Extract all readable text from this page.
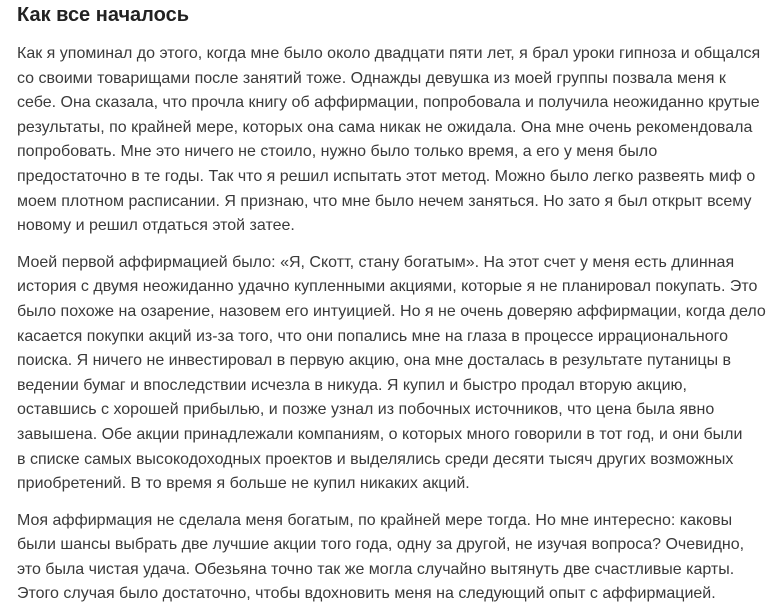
Как все началось

Как я упоминал до этого, когда мне было около двадцати пяти лет, я брал уроки гипноза и общался
со своими товарищами после занятий тоже. Однажды девушка из моей группы позвала меня к
себе. Она сказала, что прочла книгу об аффирмации, попробовала и получила неожиданно крутые
результаты, по крайней мере, которых она сама никак не ожидала. Она мне очень рекомендовала
попробовать. Мне это ничего не стоило, нужно было только время, а его у меня было
предостаточно в те годы. Так что я решил испытать этот метод. Можно было легко развеять миф о
моем плотном расписании. Я признаю, что мне было нечем заняться. Но зато я был открыт всему
новому и решил отдаться этой затее.

Моей первой аффирмацией было: «Я, Скотт, стану богатым». На этот счет у меня есть длинная
история с двумя неожиданно удачно купленными акциями, которые я не планировал покупать. Это
было похоже на озарение, назовем его интуицией. Но я не очень доверяю аффирмации, когда дело
касается покупки акций из-за того, что они попались мне на глаза в процессе иррационального
поиска. Я ничего не инвестировал в первую акцию, она мне досталась в результате путаницы в
ведении бумаг и впоследствии исчезла в никуда. Я купил и быстро продал вторую акцию,
оставшись с хорошей прибылью, и позже узнал из побочных источников, что цена была явно
завышена. Обе акции принадлежали компаниям, о которых много говорили в тот год, и они были
в списке самых высокодоходных проектов и выделялись среди десяти тысяч других возможных
приобретений. В то время я больше не купил никаких акций.

Моя аффирмация не сделала меня богатым, по крайней мере тогда. Но мне интересно: каковы
были шансы выбрать две лучшие акции того года, одну за другой, не изучая вопроса? Очевидно,
это была чистая удача. Обезьяна точно так же могла случайно вытянуть две счастливые карты.
Этого случая было достаточно, чтобы вдохновить меня на следующий опыт с аффирмацией.
